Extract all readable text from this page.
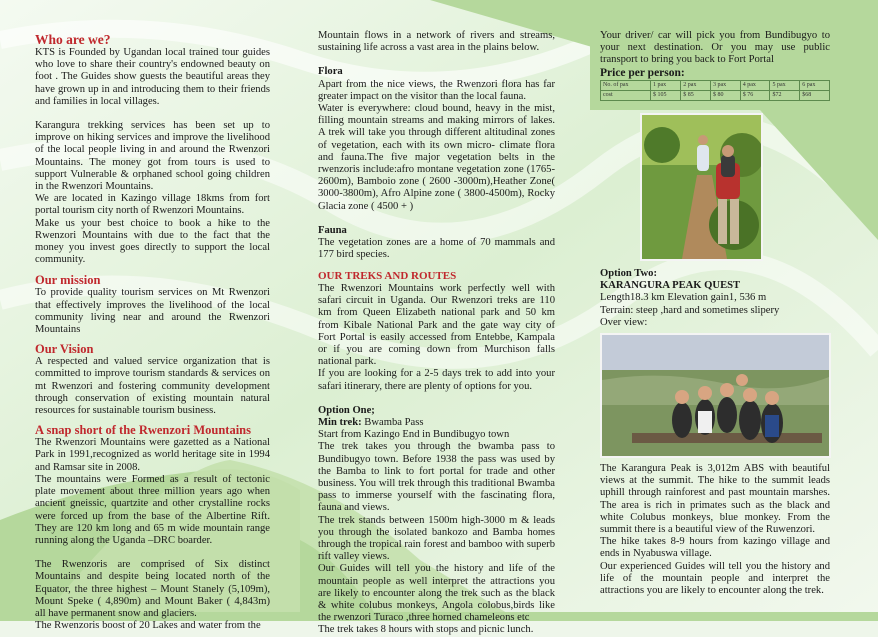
Who are we?

KTS is Founded by Ugandan local trained tour guides who love to share their country's endowned beauty on foot . The Guides show guests the beautiful areas they have grown up in and introducing them to their friends and families in local villages.

Karangura trekking services has been set up to improve on hiking services and improve the livelihood of the local people living in and around the Rwenzori Mountains. The money got from tours is used to support Vulnerable & orphaned school going children in the Rwenzori Mountains.

We are located in Kazingo village 18kms from fort portal tourism city north of Rwenzori Mountains.

Make us your best choice to book a hike to the Rwenzori Mountains with due to the fact that the money you invest goes directly to support the local community.

Our mission

To provide quality tourism services on Mt Rwenzori that effectively improves the livelihood of the local community living near and around the Rwenzori Mountains

Our Vision

A respected and valued service organization that is committed to improve tourism standards & services on mt Rwenzori and fostering community development through conservation of existing mountain natural resources for sustainable tourism business.

A snap short of the Rwenzori Mountains

The Rwenzori Mountains were gazetted as a National Park in 1991,recognized as world heritage site in 1994 and Ramsar site in 2008.

The mountains were Formed as a result of tectonic plate movement about three million years ago when ancient gneissic, quartzite and other crystalline rocks were forced up from the base of the Albertine Rift. They are 120 km long and 65 m wide mountain range running along the Uganda –DRC boarder.

The Rwenzoris are comprised of Six distinct Mountains and despite being located north of the Equator, the three highest – Mount Stanely (5,109m), Mount Speke ( 4,890m) and Mount Baker ( 4,843m) all have permanent snow and glaciers.

The Rwenzoris boost of 20 Lakes and water from the

Mountain flows in a network of rivers and streams, sustaining life across a vast area in the plains below.

Flora

Apart from the nice views, the Rwenzori flora has far greater impact on the visitor than the local fauna.

Water is everywhere: cloud bound, heavy in the mist, filling mountain streams and making mirrors of lakes. A trek will take you through different altitudinal zones of vegetation, each with its own micro- climate flora and fauna.The five major vegetation belts in the rwenzoris include:afro montane vegetation zone (1765-2600m), Bamboio zone ( 2600 -3000m),Heather Zone( 3000-3800m), Afro Alpine zone ( 3800-4500m), Rocky Glacia zone ( 4500 + )

Fauna

The vegetation zones are a home of 70 mammals and 177 bird species.

OUR TREKS AND ROUTES

The Rwenzori Mountains work perfectly well with safari circuit in Uganda. Our Rwenzori treks are 110 km from Queen Elizabeth national park and 50 km from Kibale National Park and the gate way city of Fort Portal is easily accessed from Entebbe, Kampala or if you are coming down from Murchison falls national park.

If you are looking for a 2-5 days trek to add into your safari itinerary, there are plenty of options for you.

Option One;

Min trek: Bwamba Pass

Start from Kazingo End in Bundibugyo town

The trek takes you through the bwamba pass to Bundibugyo town. Before 1938 the pass was used by the Bamba to link to fort portal for trade and other business. You will trek through this traditional Bwamba pass to immerse yourself with the fascinating flora, fauna and views.

The trek stands between 1500m high-3000 m & leads you through the isolated bankozo and Bamba homes through the tropical rain forest and bamboo with superb rift valley views.

Our Guides will tell you the history and life of the mountain people as well interpret the attractions you are likely to encounter along the trek such as the black & white colubus monkeys, Angola colobus,birds like the rwenzori Turaco ,three horned chameleons etc

The trek takes 8 hours with stops and picnic lunch.

Your driver/ car will pick you from Bundibugyo to your next destination. Or you may use public transport to bring you back to Fort Portal

Price per person:

No. of pax	1 pax	2 pax	3 pax	4 pax	5 pax	6 pax
cost	$ 105	$ 85	$ 80	$ 76	$72	$68

Option Two:

KARANGURA PEAK QUEST

Length18.3 km Elevation gain1, 536 m

Terrain: steep ,hard and sometimes slipery

Over view:

The Karangura Peak is 3,012m ABS with beautiful views at the summit. The hike to the summit leads uphill through rainforest and past mountain marshes. The area is rich in primates such as the black and white Colubus monkeys, blue monkey. From the summit there is a beautiful view of the Ruwenzori.

The hike takes 8-9 hours from kazingo village and ends in Nyabuswa village.

Our experienced Guides will tell you the history and life of the mountain people and interpret the attractions you are likely to encounter along the trek.
